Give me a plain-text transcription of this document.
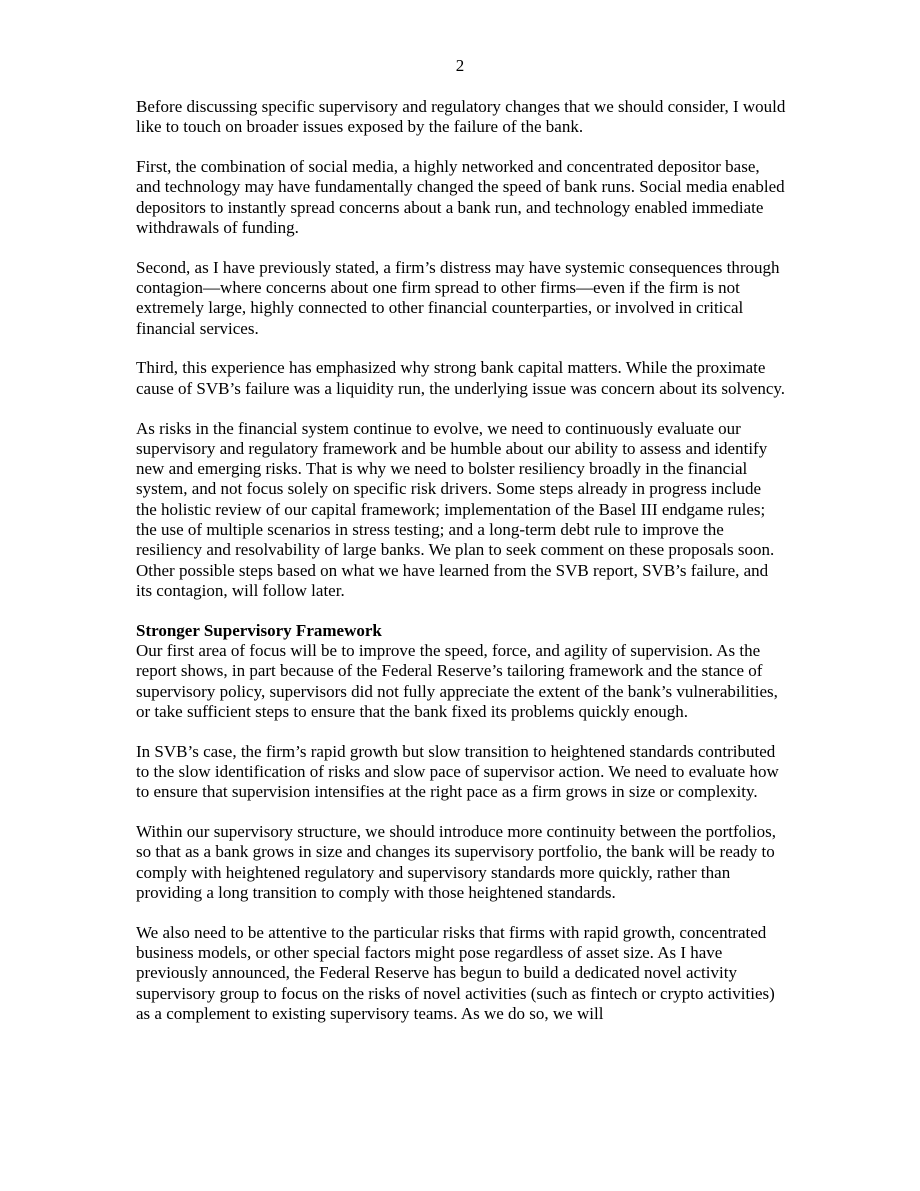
2

Before discussing specific supervisory and regulatory changes that we should consider, I would like to touch on broader issues exposed by the failure of the bank.

First, the combination of social media, a highly networked and concentrated depositor base, and technology may have fundamentally changed the speed of bank runs. Social media enabled depositors to instantly spread concerns about a bank run, and technology enabled immediate withdrawals of funding.

Second, as I have previously stated, a firm’s distress may have systemic consequences through contagion—where concerns about one firm spread to other firms—even if the firm is not extremely large, highly connected to other financial counterparties, or involved in critical financial services.

Third, this experience has emphasized why strong bank capital matters. While the proximate cause of SVB’s failure was a liquidity run, the underlying issue was concern about its solvency.

As risks in the financial system continue to evolve, we need to continuously evaluate our supervisory and regulatory framework and be humble about our ability to assess and identify new and emerging risks. That is why we need to bolster resiliency broadly in the financial system, and not focus solely on specific risk drivers. Some steps already in progress include the holistic review of our capital framework; implementation of the Basel III endgame rules; the use of multiple scenarios in stress testing; and a long-term debt rule to improve the resiliency and resolvability of large banks. We plan to seek comment on these proposals soon. Other possible steps based on what we have learned from the SVB report, SVB’s failure, and its contagion, will follow later.

Stronger Supervisory Framework

Our first area of focus will be to improve the speed, force, and agility of supervision. As the report shows, in part because of the Federal Reserve’s tailoring framework and the stance of supervisory policy, supervisors did not fully appreciate the extent of the bank’s vulnerabilities, or take sufficient steps to ensure that the bank fixed its problems quickly enough.

In SVB’s case, the firm’s rapid growth but slow transition to heightened standards contributed to the slow identification of risks and slow pace of supervisor action. We need to evaluate how to ensure that supervision intensifies at the right pace as a firm grows in size or complexity.

Within our supervisory structure, we should introduce more continuity between the portfolios, so that as a bank grows in size and changes its supervisory portfolio, the bank will be ready to comply with heightened regulatory and supervisory standards more quickly, rather than providing a long transition to comply with those heightened standards.

We also need to be attentive to the particular risks that firms with rapid growth, concentrated business models, or other special factors might pose regardless of asset size. As I have previously announced, the Federal Reserve has begun to build a dedicated novel activity supervisory group to focus on the risks of novel activities (such as fintech or crypto activities) as a complement to existing supervisory teams. As we do so, we will
